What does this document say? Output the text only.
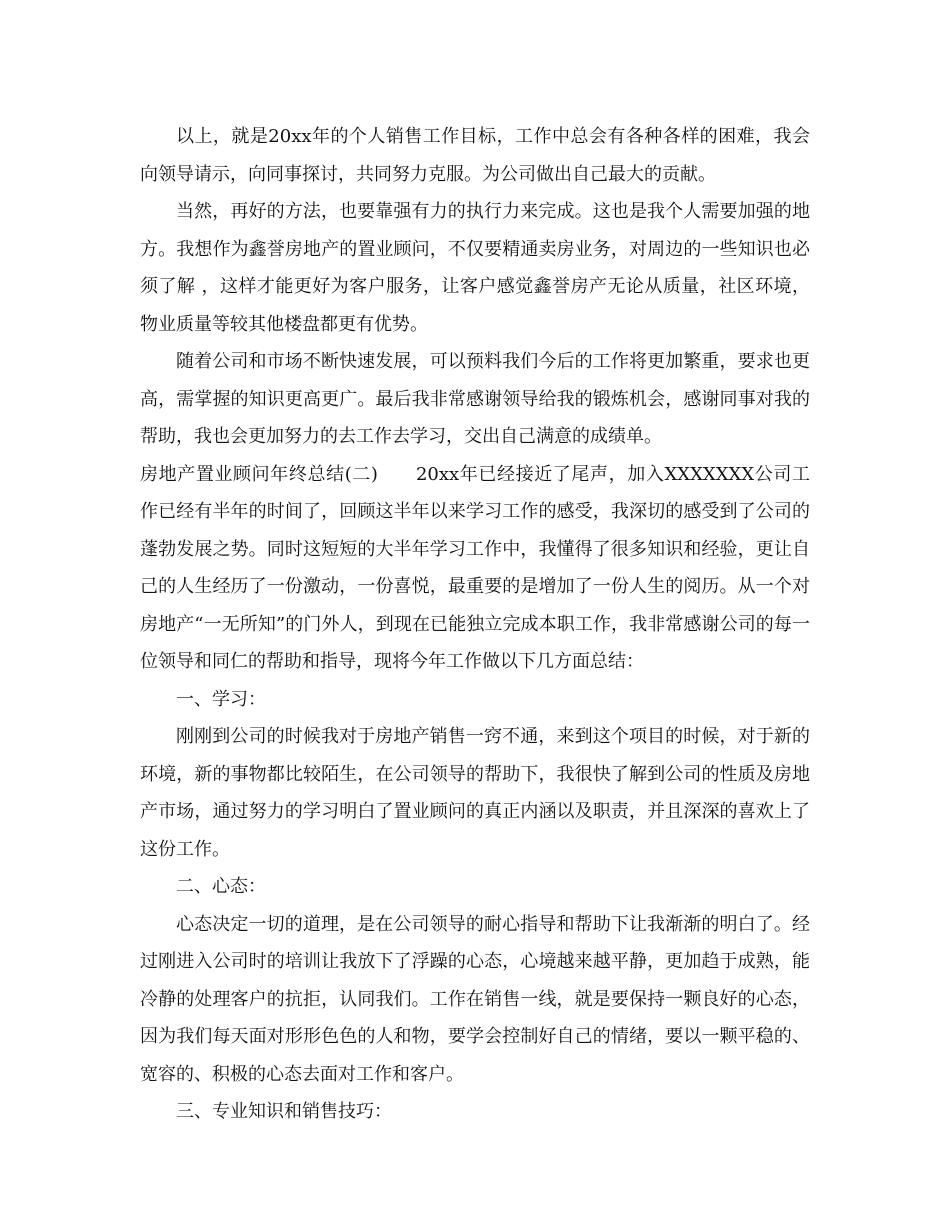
以上，就是20xx年的个人销售工作目标，工作中总会有各种各样的困难，我会向领导请示，向同事探讨，共同努力克服。为公司做出自己最大的贡献。

当然，再好的方法，也要靠强有力的执行力来完成。这也是我个人需要加强的地方。我想作为鑫誉房地产的置业顾问，不仅要精通卖房业务，对周边的一些知识也必须了解 ，这样才能更好为客户服务，让客户感觉鑫誉房产无论从质量，社区环境，物业质量等较其他楼盘都更有优势。

随着公司和市场不断快速发展，可以预料我们今后的工作将更加繁重，要求也更高，需掌握的知识更高更广。最后我非常感谢领导给我的锻炼机会，感谢同事对我的帮助，我也会更加努力的去工作去学习，交出自己满意的成绩单。

房地产置业顾问年终总结(二) 20xx年已经接近了尾声，加入XXXXXXX公司工作已经有半年的时间了，回顾这半年以来学习工作的感受，我深切的感受到了公司的蓬勃发展之势。同时这短短的大半年学习工作中，我懂得了很多知识和经验，更让自己的人生经历了一份激动，一份喜悦，最重要的是增加了一份人生的阅历。从一个对房地产“一无所知”的门外人，到现在已能独立完成本职工作，我非常感谢公司的每一位领导和同仁的帮助和指导，现将今年工作做以下几方面总结：

一、学习：

刚刚到公司的时候我对于房地产销售一窍不通，来到这个项目的时候，对于新的环境，新的事物都比较陌生，在公司领导的帮助下，我很快了解到公司的性质及房地产市场，通过努力的学习明白了置业顾问的真正内涵以及职责，并且深深的喜欢上了这份工作。

二、心态：

心态决定一切的道理，是在公司领导的耐心指导和帮助下让我渐渐的明白了。经过刚进入公司时的培训让我放下了浮躁的心态，心境越来越平静，更加趋于成熟，能冷静的处理客户的抗拒，认同我们。工作在销售一线，就是要保持一颗良好的心态，因为我们每天面对形形色色的人和物，要学会控制好自己的情绪，要以一颗平稳的、宽容的、积极的心态去面对工作和客户。

三、专业知识和销售技巧：
